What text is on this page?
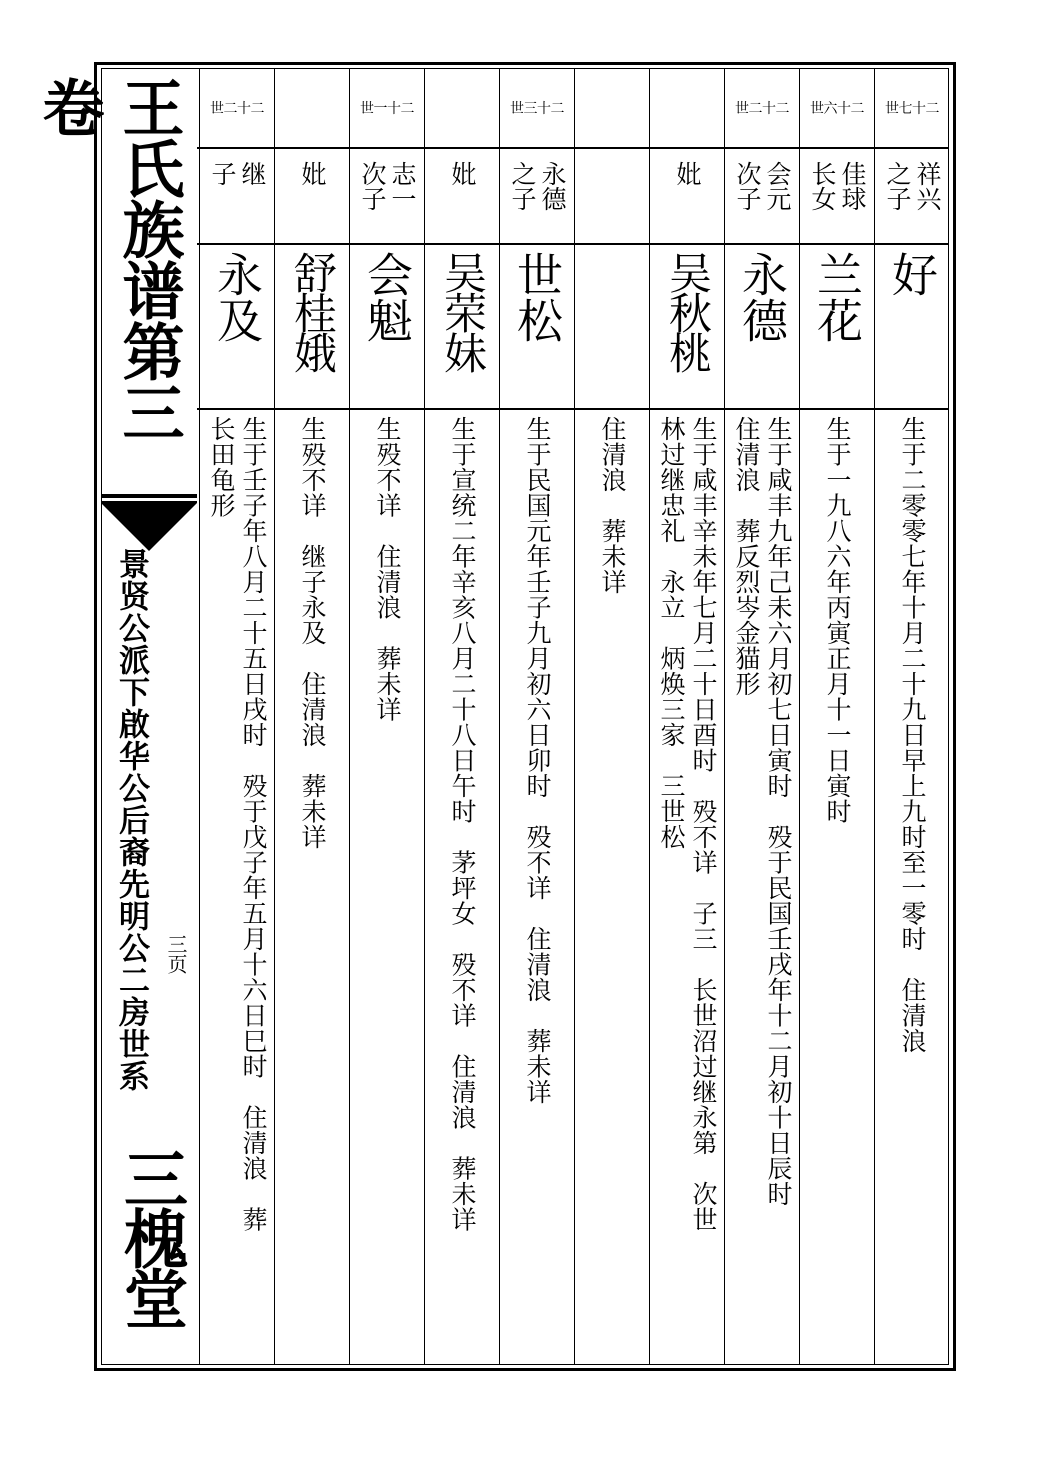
王氏族谱第三卷
景贤公派下啟华公后裔先明公二房世系 三页
三槐堂
世七十二
祥兴
之子
好
生于二零零七年十月二十九日早上九时至一零时　住清浪
世六十二
佳球
长女
兰花
生于一九八六年丙寅正月十一日寅时
世二十二
会元
次子
永德
生于咸丰九年己未六月初七日寅时　殁于民国壬戌年十二月初十日辰时
住清浪　葬反烈岑金猫形
妣
吴秋桃
生于咸丰辛未年七月二十日酉时　殁不详　子三　长世沼过继永第　次世
林过继忠礼　永立　炳焕三家　三世松
住清浪　葬未详
世三十二
永德
之子
世松
生于民国元年壬子九月初六日卯时　殁不详　住清浪　葬未详
妣
吴荣妹
生于宣统二年辛亥八月二十八日午时　茅坪女　殁不详　住清浪　葬未详
世一十二
志一
次子
会魁
生殁不详　住清浪　葬未详
妣
舒桂娥
生殁不详　继子永及　住清浪　葬未详
世二十二
继
子
永及
生于壬子年八月二十五日戌时　殁于戊子年五月十六日巳时　住清浪　葬
长田龟形
